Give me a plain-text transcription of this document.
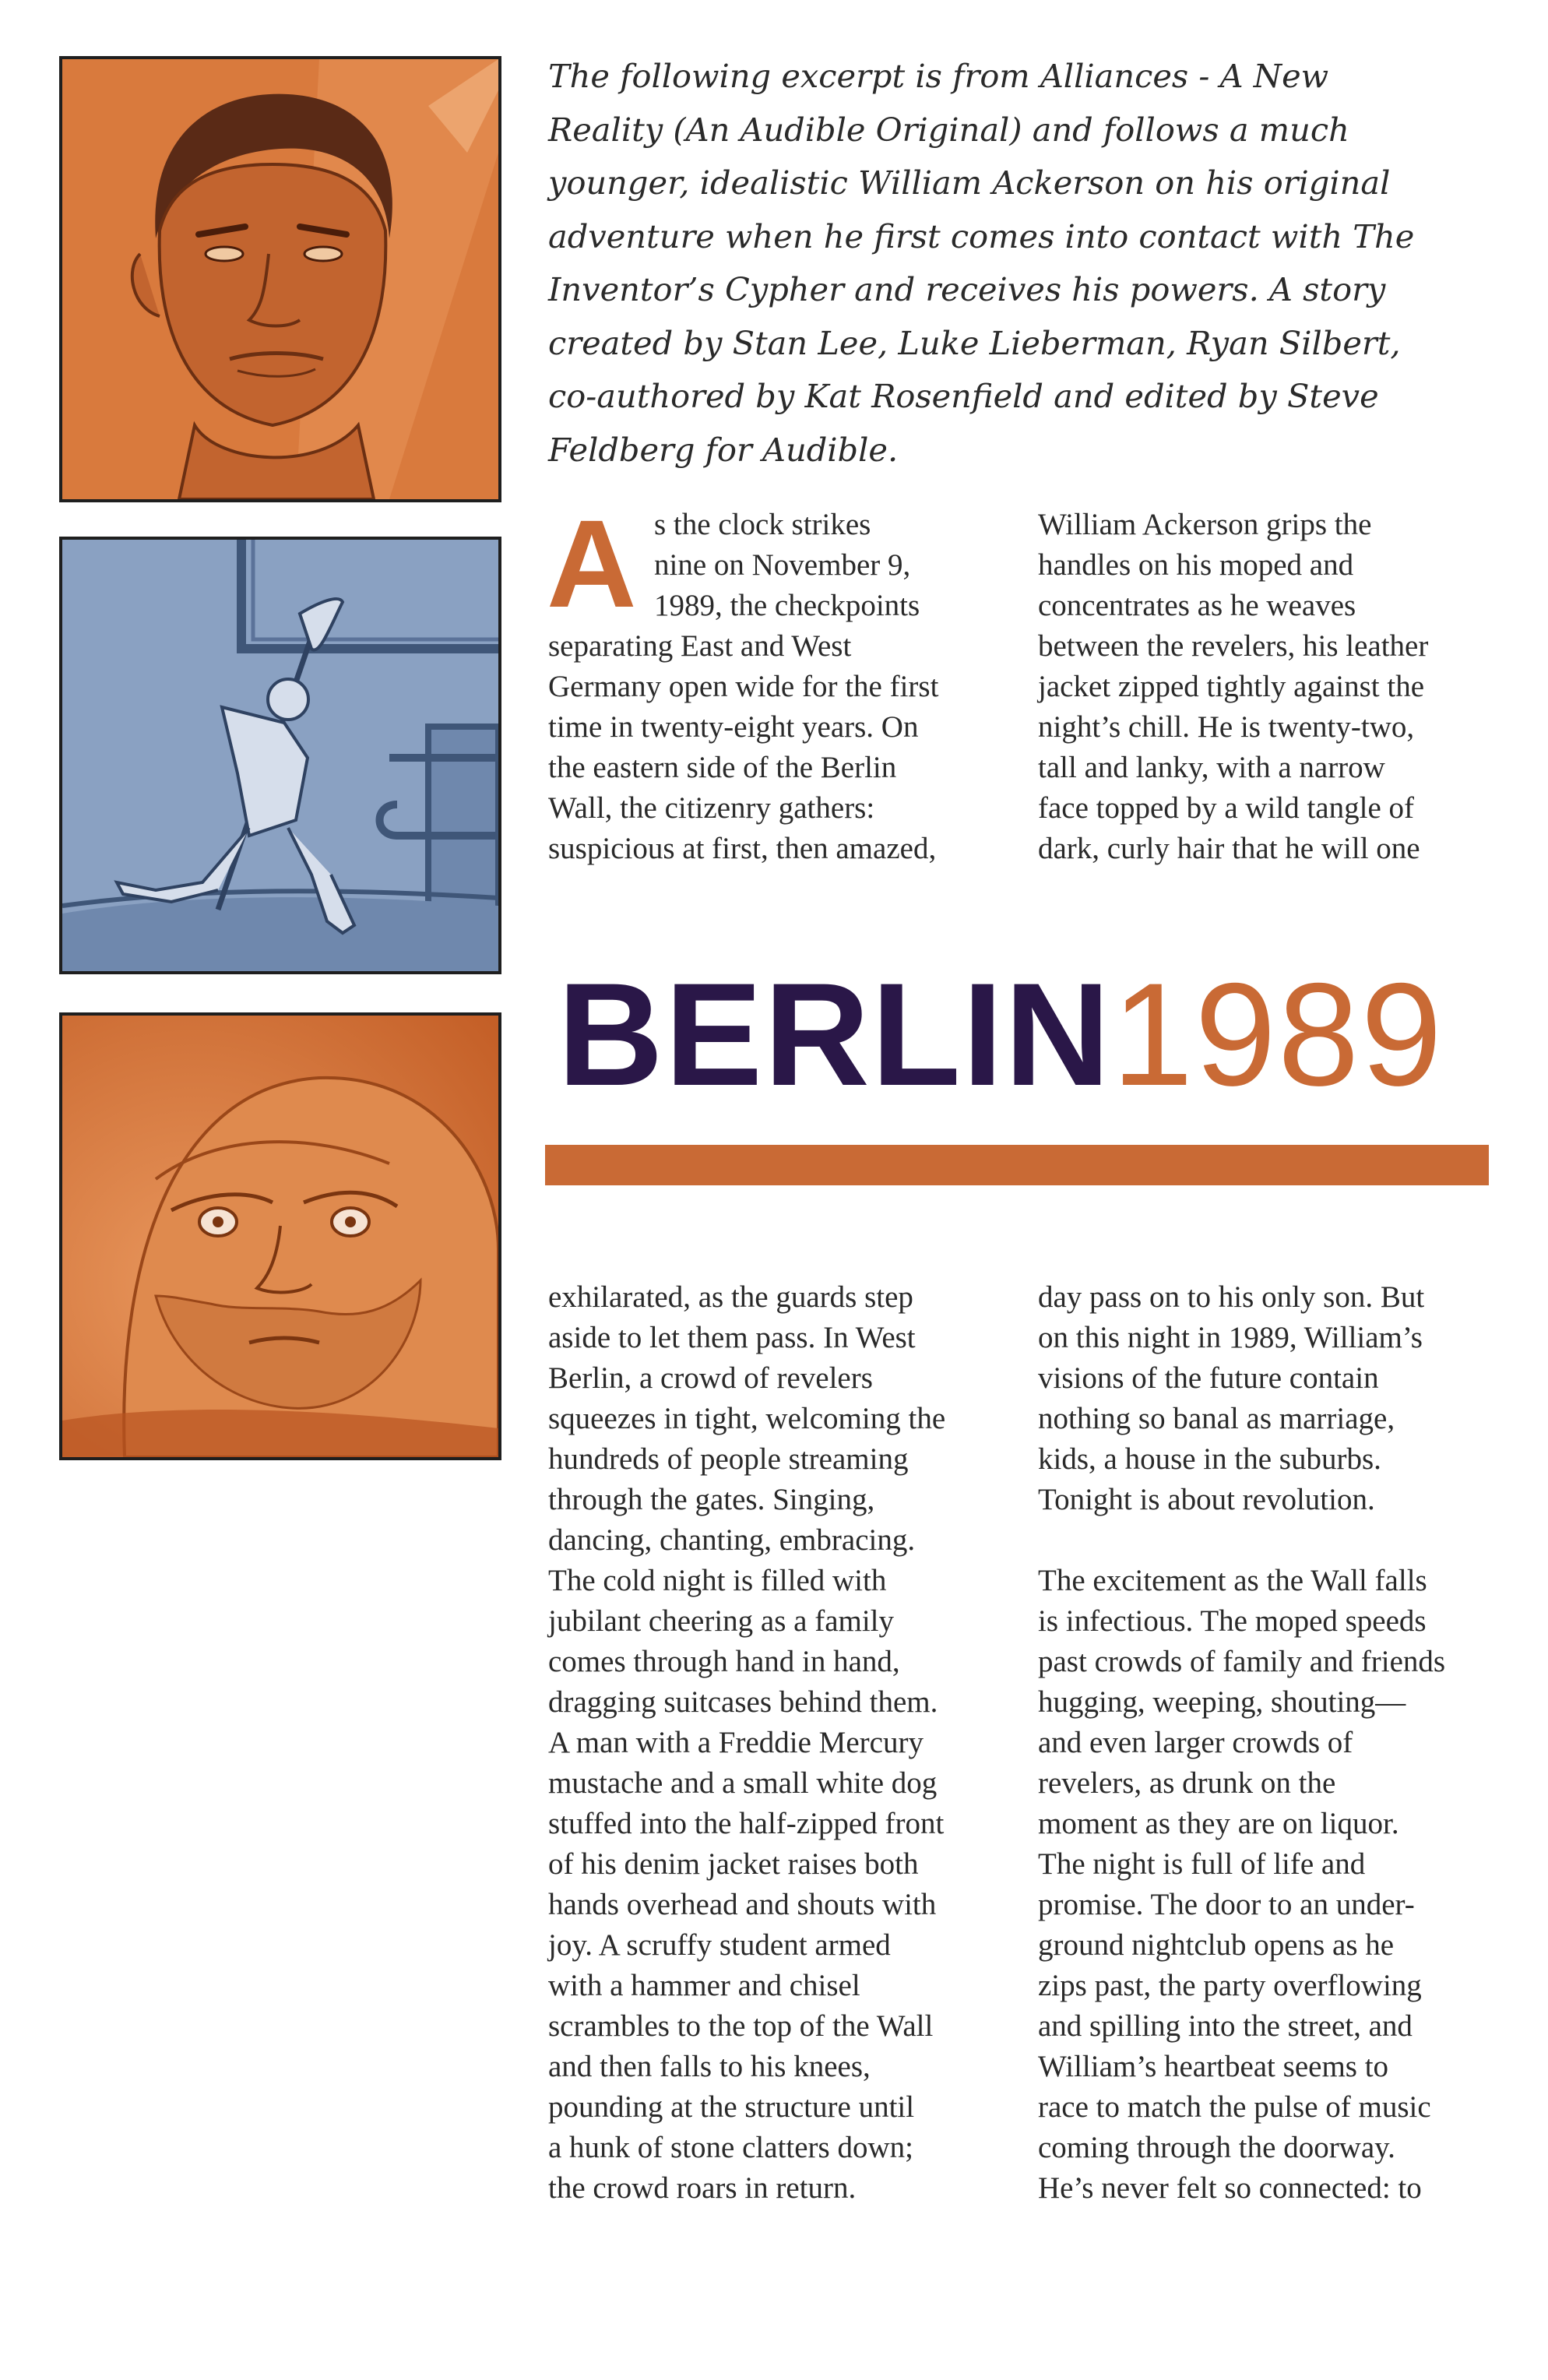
The following excerpt is from Alliances - A New
Reality (An Audible Original) and follows a much
younger, idealistic William Ackerson on his original
adventure when he first comes into contact with The
Inventor’s Cypher and receives his powers. A story
created by Stan Lee, Luke Lieberman, Ryan Silbert,
co-authored by Kat Rosenfield and edited by Steve
Feldberg for Audible.

A s the clock strikes
nine on November 9,
1989, the checkpoints
separating East and West
Germany open wide for the first
time in twenty-eight years. On
the eastern side of the Berlin
Wall, the citizenry gathers:
suspicious at first, then amazed,
William Ackerson grips the
handles on his moped and
concentrates as he weaves
between the revelers, his leather
jacket zipped tightly against the
night’s chill. He is twenty-two,
tall and lanky, with a narrow
face topped by a wild tangle of
dark, curly hair that he will one
BERLIN1989
exhilarated, as the guards step
aside to let them pass. In West
Berlin, a crowd of revelers
squeezes in tight, welcoming the
hundreds of people streaming
through the gates. Singing,
dancing, chanting, embracing.
The cold night is filled with
jubilant cheering as a family
comes through hand in hand,
dragging suitcases behind them.
A man with a Freddie Mercury
mustache and a small white dog
stuffed into the half-zipped front
of his denim jacket raises both
hands overhead and shouts with
joy. A scruffy student armed
with a hammer and chisel
scrambles to the top of the Wall
and then falls to his knees,
pounding at the structure until
a hunk of stone clatters down;
the crowd roars in return.
day pass on to his only son. But
on this night in 1989, William’s
visions of the future contain
nothing so banal as marriage,
kids, a house in the suburbs.
Tonight is about revolution.
The excitement as the Wall falls
is infectious. The moped speeds
past crowds of family and friends
hugging, weeping, shouting—
and even larger crowds of
revelers, as drunk on the
moment as they are on liquor.
The night is full of life and
promise. The door to an under-
ground nightclub opens as he
zips past, the party overflowing
and spilling into the street, and
William’s heartbeat seems to
race to match the pulse of music
coming through the doorway.
He’s never felt so connected: to
